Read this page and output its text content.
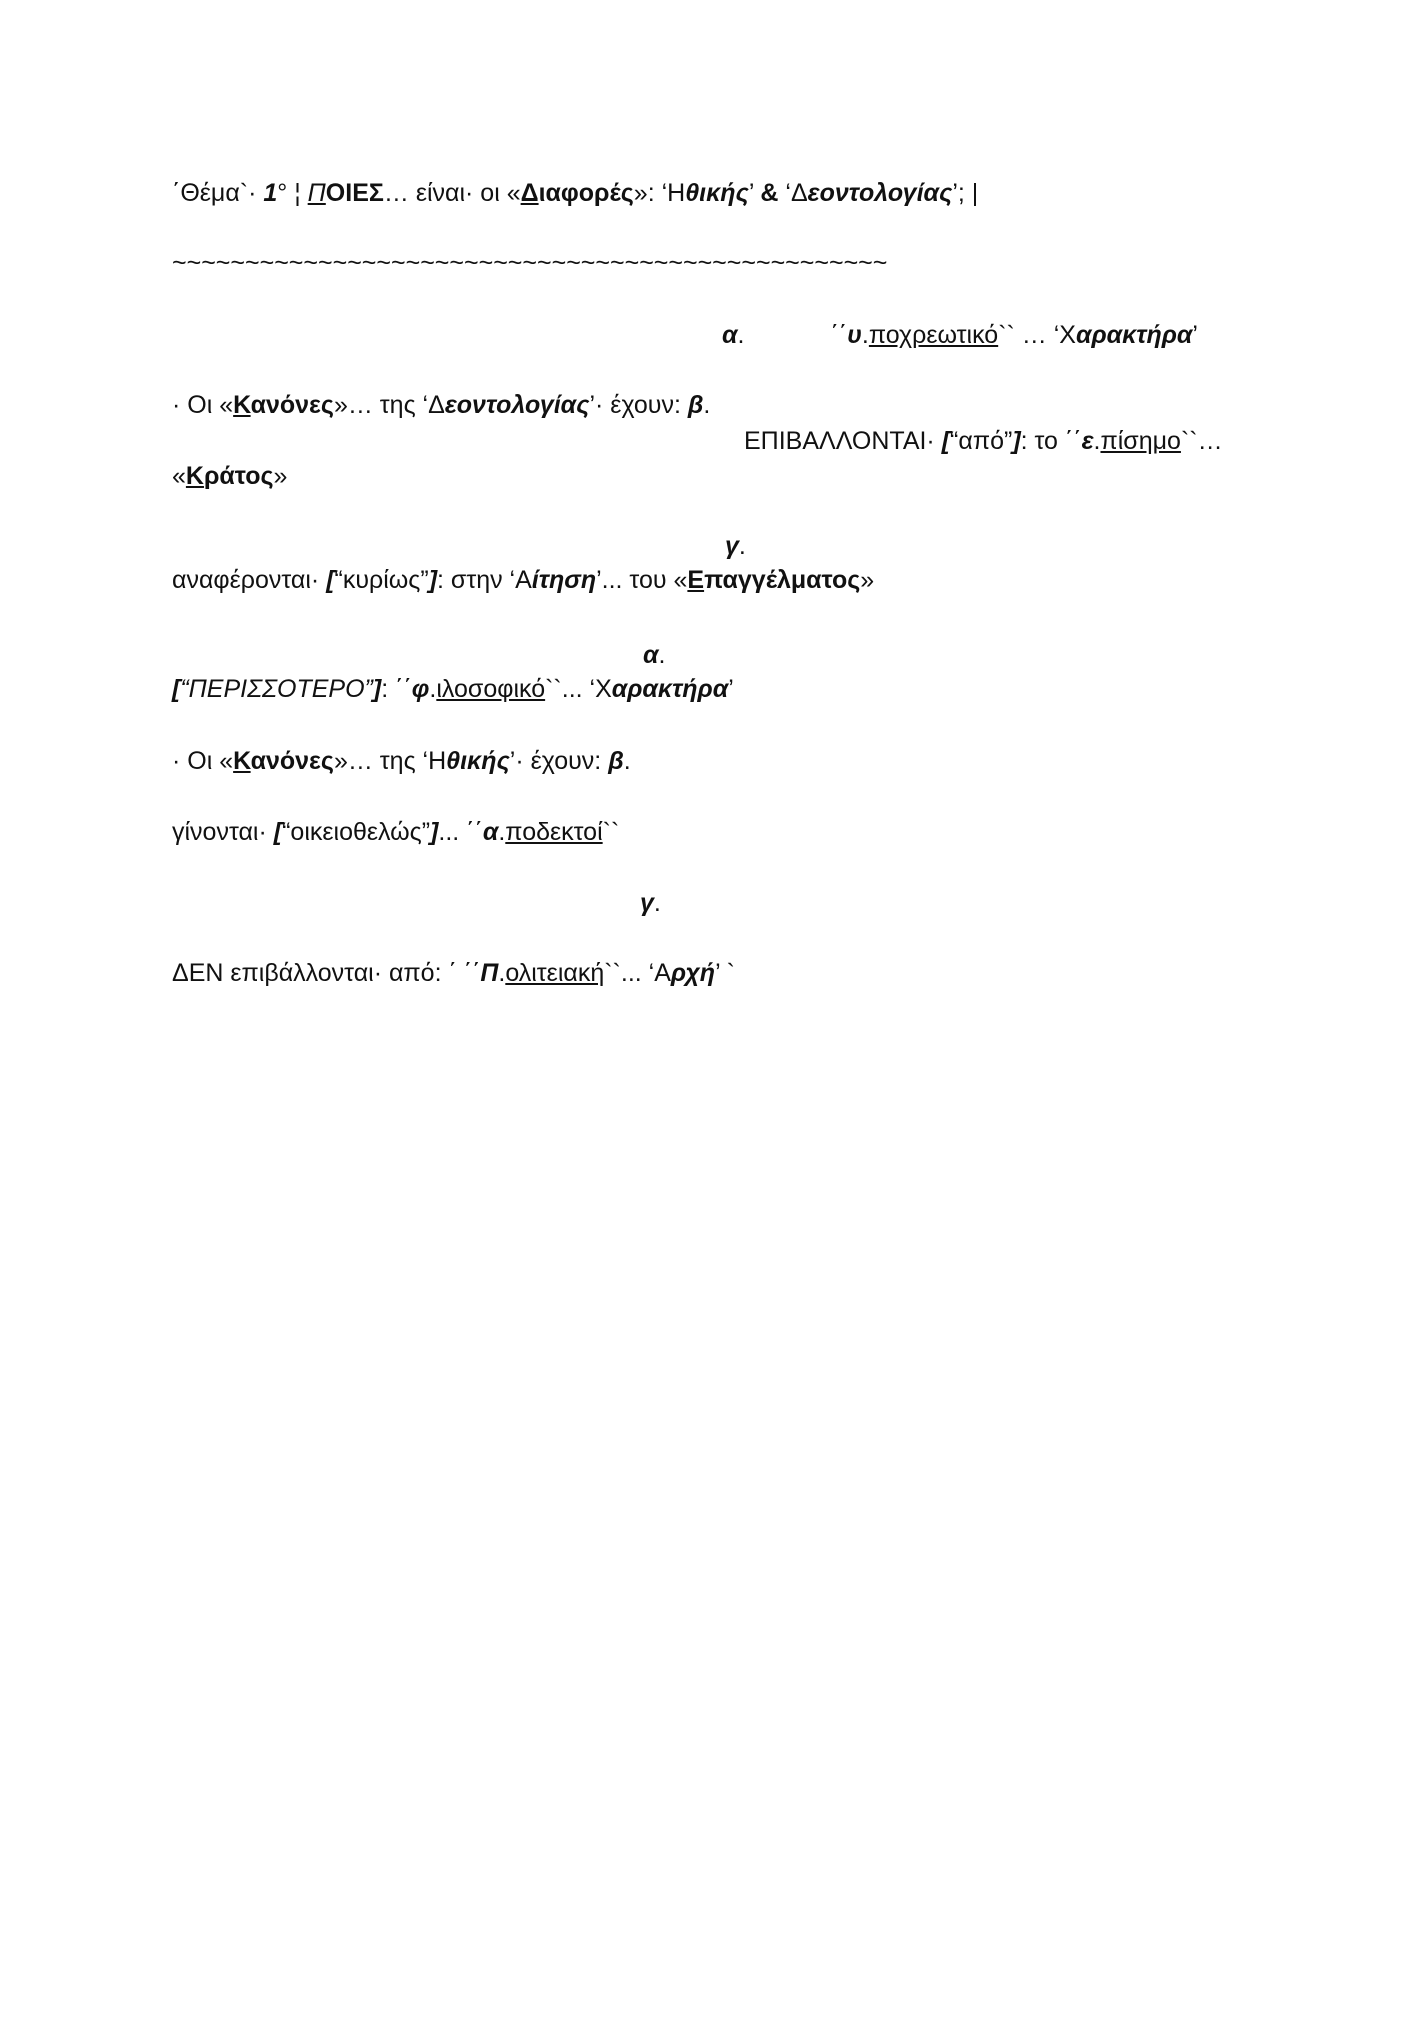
΄Θέμα`· 1° ¦ ΠΟΙΕΣ… είναι· οι «Διαφορές»: ‘Ηθικής’ & ‘Δεοντολογίας’; |
~~~~~~~~~~~~~~~~~~~~~~~~~~~~~~~~~~~~~~~~~~~~~~~~~
α.	΄΄υ.ποχρεωτικό`` … ‘Χαρακτήρα’
· Οι «Κανόνες»… της ‘Δεοντολογίας’· έχουν: β.
ΕΠΙΒΑΛΛΟΝΤΑΙ· [“από”]: το ΄΄ε.πίσημο``…
«Κράτος»
γ.
αναφέρονται· [“κυρίως”]: στην ‘Αίτηση’... του «Επαγγέλματος»
α.
[“ΠΕΡΙΣΣΟΤΕΡΟ”]: ΄΄φ.ιλοσοφικό``... ‘Χαρακτήρα’
· Οι «Κανόνες»… της ‘Ηθικής’· έχουν: β.
γίνονται· [“οικειοθελώς”]... ΄΄α.ποδεκτοί``
γ.
ΔΕΝ επιβάλλονται· από: ΄ ΄΄Π.ολιτειακή``... ‘Αρχή’ `
